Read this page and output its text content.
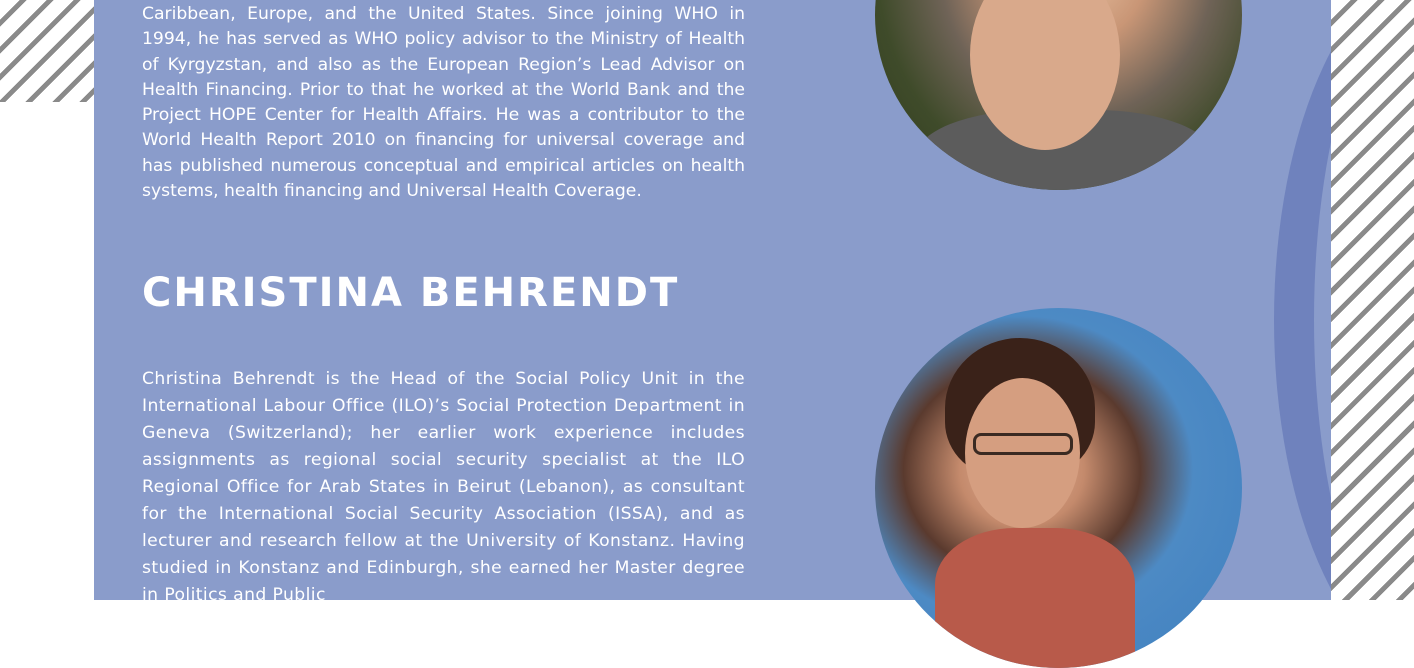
Caribbean, Europe, and the United States. Since joining WHO in 1994, he has served as WHO policy advisor to the Ministry of Health of Kyrgyzstan, and also as the European Region’s Lead Advisor on Health Financing. Prior to that he worked at the World Bank and the Project HOPE Center for Health Affairs. He was a contributor to the World Health Report 2010 on financing for universal coverage and has published numerous conceptual and empirical articles on health systems, health financing and Universal Health Coverage.

CHRISTINA BEHRENDT

Christina Behrendt is the Head of the Social Policy Unit in the International Labour Office (ILO)’s Social Protection Department in Geneva (Switzerland); her earlier work experience includes assignments as regional social security specialist at the ILO Regional Office for Arab States in Beirut (Lebanon), as consultant for the International Social Security Association (ISSA), and as lecturer and research fellow at the University of Konstanz. Having studied in Konstanz and Edinburgh, she earned her Master degree in Politics and Public
